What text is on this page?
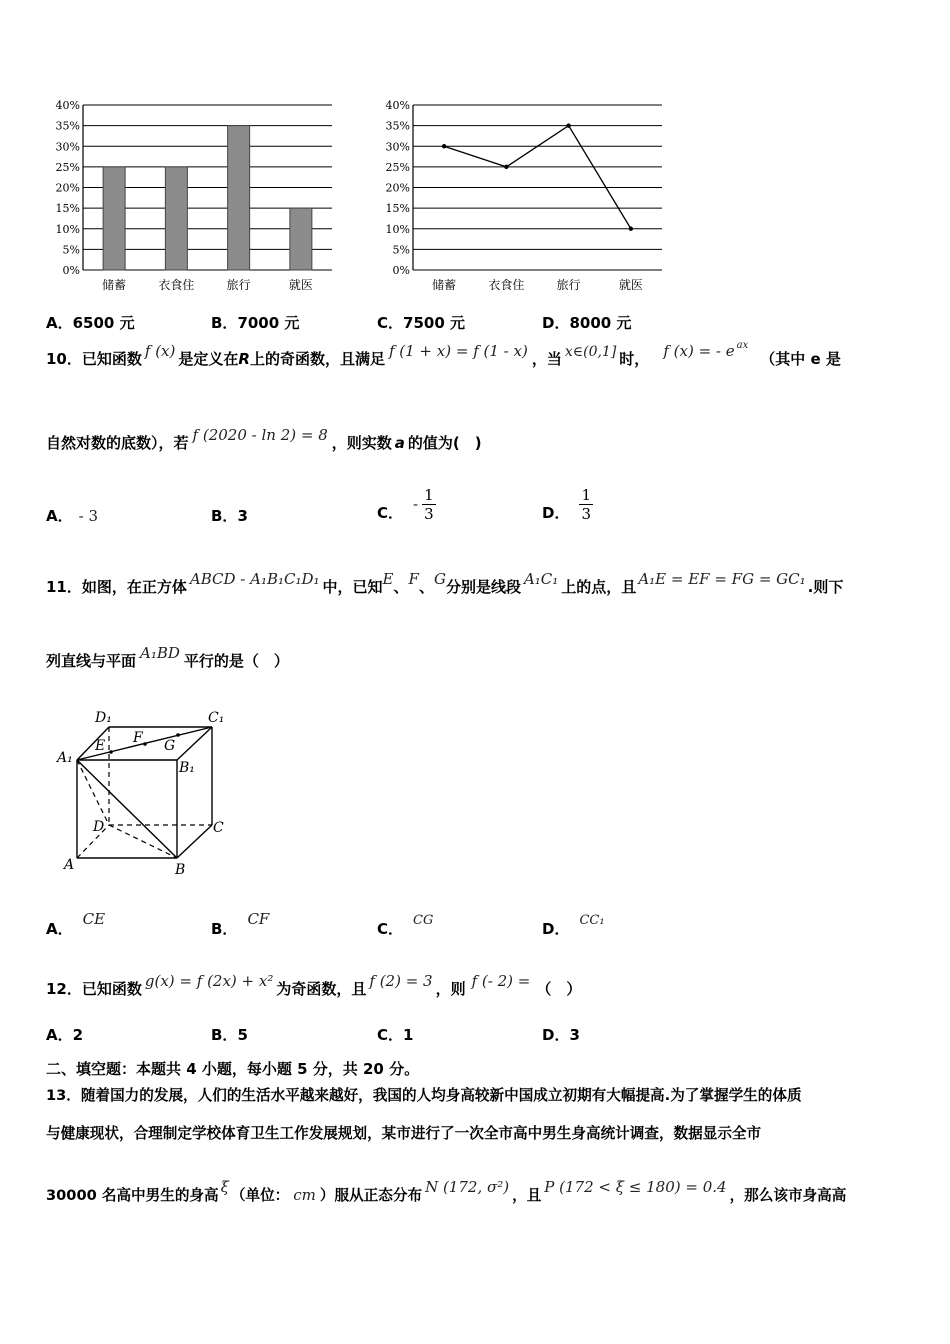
40%
35%
30%
25%
20%
15%
10%
5%
0%
储蓄	衣食住	旅行	就医
40%
35%
30%
25%
20%
15%
10%
5%
0%
储蓄	衣食住	旅行	就医
A．6500 元	B．7000 元	C．7500 元	D．8000 元
10．已知函数 f (x) 是定义在R上的奇函数，且满足 f (1 + x) = f (1 - x) ，当 x∈(0,1] 时， f (x) = - e $^{ax}$（其中 e 是
自然对数的底数），若 f (2020 - ln 2) = 8 ，则实数 a 的值为(　)
A． - 3	B．3	C． - $\frac{1}{3}$	D． $\frac{1}{3}$
11．如图，在正方体 ABCD - A₁B₁C₁D₁ 中，已知E、F、G分别是线段 A₁C₁ 上的点，且 A₁E = EF = FG = GC₁ .则下
列直线与平面 A₁BD 平行的是（　）
D₁	C₁
A₁
B₁
E F G
D	C
A	B
A．CE
B．CF
C． CG	D． CC₁
12．已知函数 g(x) = f (2x) + x² 为奇函数，且 f (2) = 3 ，则 f (- 2) = （　）
A．2	B．5	C．1	D．3
二、填空题：本题共 4 小题，每小题 5 分，共 20 分。
13．随着国力的发展，人们的生活水平越来越好，我国的人均身高较新中国成立初期有大幅提高.为了掌握学生的体质
与健康现状，合理制定学校体育卫生工作发展规划，某市进行了一次全市高中男生身高统计调查，数据显示全市
30000 名高中男生的身高 ξ （单位： cm ）服从正态分布 N (172, σ²) ，且 P (172 < ξ ≤ 180) = 0.4 ，那么该市身高高
